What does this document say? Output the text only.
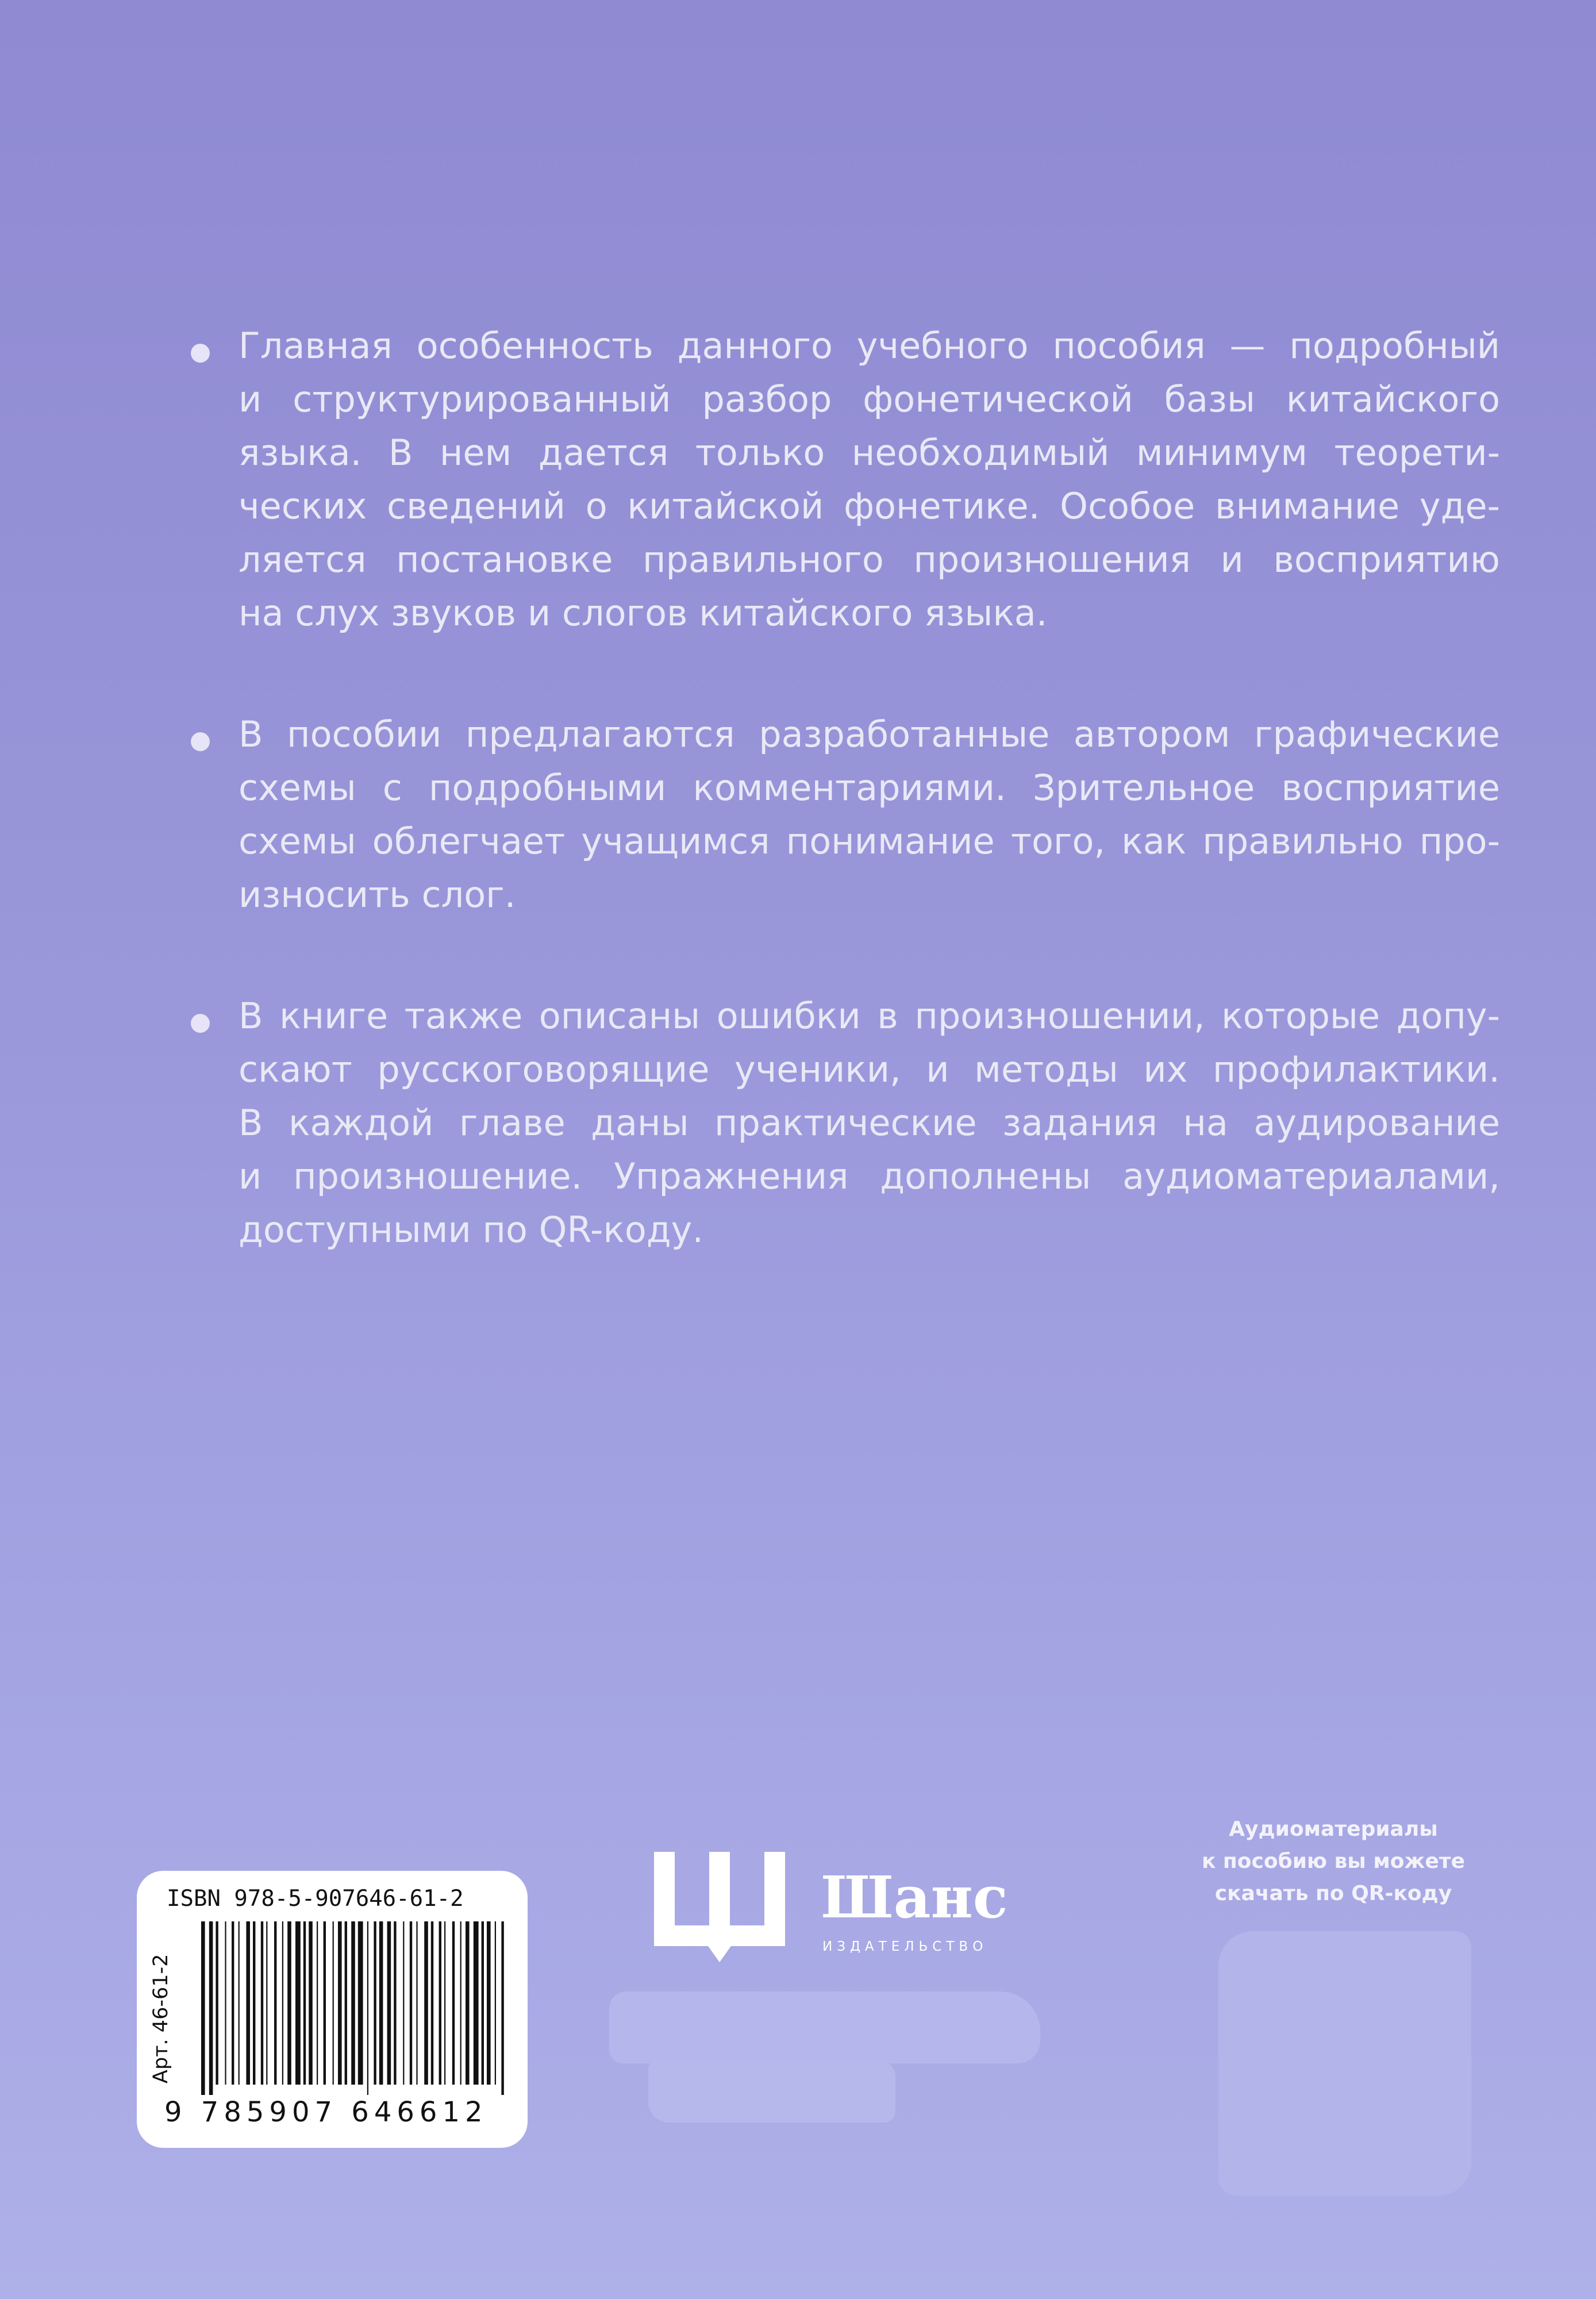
Главная особенность данного учебного пособия — подробный
и структурированный разбор фонетической базы китайского
языка. В нем дается только необходимый минимум теорети-
ческих сведений о китайской фонетике. Особое внимание уде-
ляется постановке правильного произношения и восприятию
на слух звуков и слогов китайского языка.
В пособии предлагаются разработанные автором графические
схемы с подробными комментариями. Зрительное восприятие
схемы облегчает учащимся понимание того, как правильно про-
износить слог.
В книге также описаны ошибки в произношении, которые допу-
скают русскоговорящие ученики, и методы их профилактики.
В каждой главе даны практические задания на аудирование
и произношение. Упражнения дополнены аудиоматериалами,
доступными по QR-коду.
ISBN 978-5-907646-61-2
Арт. 46-61-2
9 785907 646612
Шанс
ИЗДАТЕЛЬСТВО
Аудиоматериалы
к пособию вы можете
скачать по QR-коду
